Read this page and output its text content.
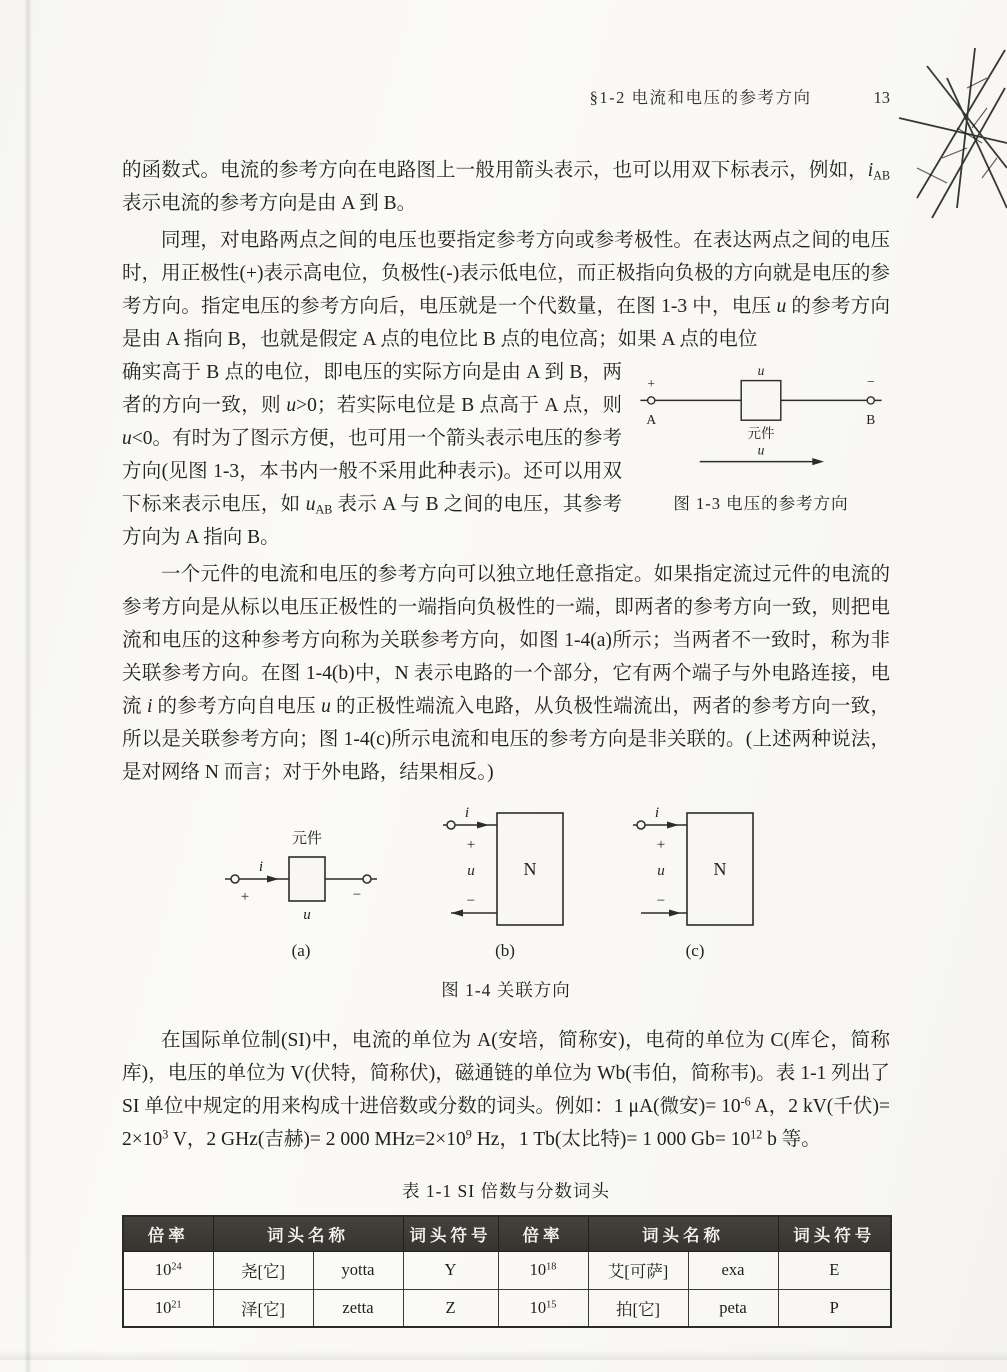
§1-2 电流和电压的参考方向	13

的函数式。电流的参考方向在电路图上一般用箭头表示，也可以用双下标表示，例如，$i_{AB}$ 表示电流的参考方向是由 A 到 B。

同理，对电路两点之间的电压也要指定参考方向或参考极性。在表达两点之间的电压时，用正极性(+)表示高电位，负极性(-)表示低电位，而正极指向负极的方向就是电压的参考方向。指定电压的参考方向后，电压就是一个代数量，在图 1-3 中，电压 u 的参考方向是由 A 指向 B，也就是假定 A 点的电位比 B 点的电位高；如果 A 点的电位

u
+	−
A	B
元件
u
图 1-3 电压的参考方向

确实高于 B 点的电位，即电压的实际方向是由 A 到 B，两者的方向一致，则 u>0；若实际电位是 B 点高于 A 点，则 u<0。有时为了图示方便，也可用一个箭头表示电压的参考方向(见图 1-3，本书内一般不采用此种表示)。还可以用双下标来表示电压，如 $u_{AB}$ 表示 A 与 B 之间的电压，其参考方向为 A 指向 B。

一个元件的电流和电压的参考方向可以独立地任意指定。如果指定流过元件的电流的参考方向是从标以电压正极性的一端指向负极性的一端，即两者的参考方向一致，则把电流和电压的这种参考方向称为关联参考方向，如图 1-4(a)所示；当两者不一致时，称为非关联参考方向。在图 1-4(b)中，N 表示电路的一个部分，它有两个端子与外电路连接，电流 i 的参考方向自电压 u 的正极性端流入电路，从负极性端流出，两者的参考方向一致，所以是关联参考方向；图 1-4(c)所示电流和电压的参考方向是非关联的。(上述两种说法，是对网络 N 而言；对于外电路，结果相反。)

元件
i
+
u
−
(a)
N
i
+
u
−
(b)
N
i
+
u
−
(c)
图 1-4 关联方向

在国际单位制(SI)中，电流的单位为 A(安培，简称安)，电荷的单位为 C(库仑，简称库)，电压的单位为 V(伏特，简称伏)，磁通链的单位为 Wb(韦伯，简称韦)。表 1-1 列出了 SI 单位中规定的用来构成十进倍数或分数的词头。例如：1 μA(微安)= $10^{-6}$ A，2 kV(千伏)= $2\times 10^3$ V，2 GHz(吉赫)= 2 000 $MHz=2\times 10^9$ Hz，1 Tb(太比特)= 1 000 $Gb= 10^{12}$ b 等。

表 1-1 SI 倍数与分数词头
倍率	词头名称		词头符号	倍率	词头名称		词头符号
$10^{24}$	尧[它]	yotta	Y	$10^{18}$	艾[可萨]	exa	E
$10^{21}$	泽[它]	zetta	Z	$10^{15}$	拍[它]	peta	P
